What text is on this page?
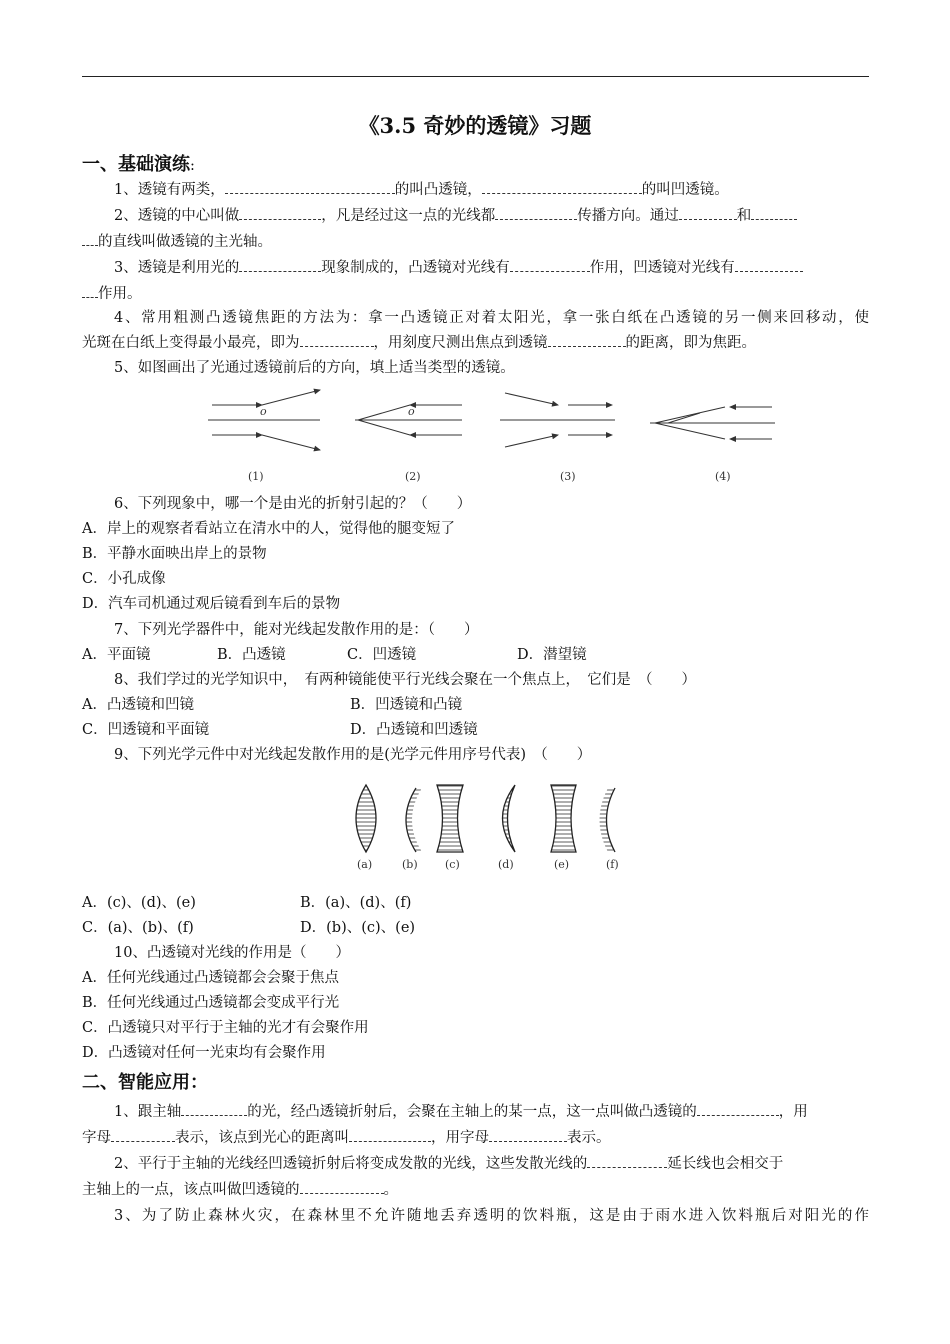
《3.5 奇妙的透镜》习题
一、基础演练:
1、透镜有两类，	的叫凸透镜，	的叫凹透镜。
2、透镜的中心叫做	，凡是经过这一点的光线都	传播方向。通过	和
的直线叫做透镜的主光轴。
3、透镜是利用光的	现象制成的，凸透镜对光线有	作用，凹透镜对光线有
作用。
4、常用粗测凸透镜焦距的方法为：拿一凸透镜正对着太阳光，拿一张白纸在凸透镜的另一侧来回移动，使
光斑在白纸上变得最小最亮，即为	，用刻度尺测出焦点到透镜	的距离，即为焦距。
5、如图画出了光通过透镜前后的方向，填上适当类型的透镜。
o	o
(1)	(2)	(3)	(4)
6、下列现象中，哪一个是由光的折射引起的？（　　）
A．岸上的观察者看站立在清水中的人，觉得他的腿变短了
B．平静水面映出岸上的景物
C．小孔成像
D．汽车司机通过观后镜看到车后的景物
7、下列光学器件中，能对光线起发散作用的是：（　　）
A．平面镜	B．凸透镜	C．凹透镜	D．潜望镜
8、我们学过的光学知识中，　有两种镜能使平行光线会聚在一个焦点上，　它们是　（　　）
A．凸透镜和凹镜	B．凹透镜和凸镜
C．凹透镜和平面镜	D．凸透镜和凹透镜
9、下列光学元件中对光线起发散作用的是(光学元件用序号代表)　（　　）
(a)	(b) (c)	(d)	(e)	(f)
A．(c)、(d)、(e)	B．(a)、(d)、(f)
C．(a)、(b)、(f)	D．(b)、(c)、(e)
10、凸透镜对光线的作用是（　　）
A．任何光线通过凸透镜都会会聚于焦点
B．任何光线通过凸透镜都会变成平行光
C．凸透镜只对平行于主轴的光才有会聚作用
D．凸透镜对任何一光束均有会聚作用
二、智能应用：
1、跟主轴	的光，经凸透镜折射后，会聚在主轴上的某一点，这一点叫做凸透镜的	，用
字母	表示，该点到光心的距离叫	，用字母	表示。
2、平行于主轴的光线经凹透镜折射后将变成发散的光线，这些发散光线的	延长线也会相交于
主轴上的一点，该点叫做凹透镜的	。
3、为了防止森林火灾，在森林里不允许随地丢弃透明的饮料瓶，这是由于雨水进入饮料瓶后对阳光的作
